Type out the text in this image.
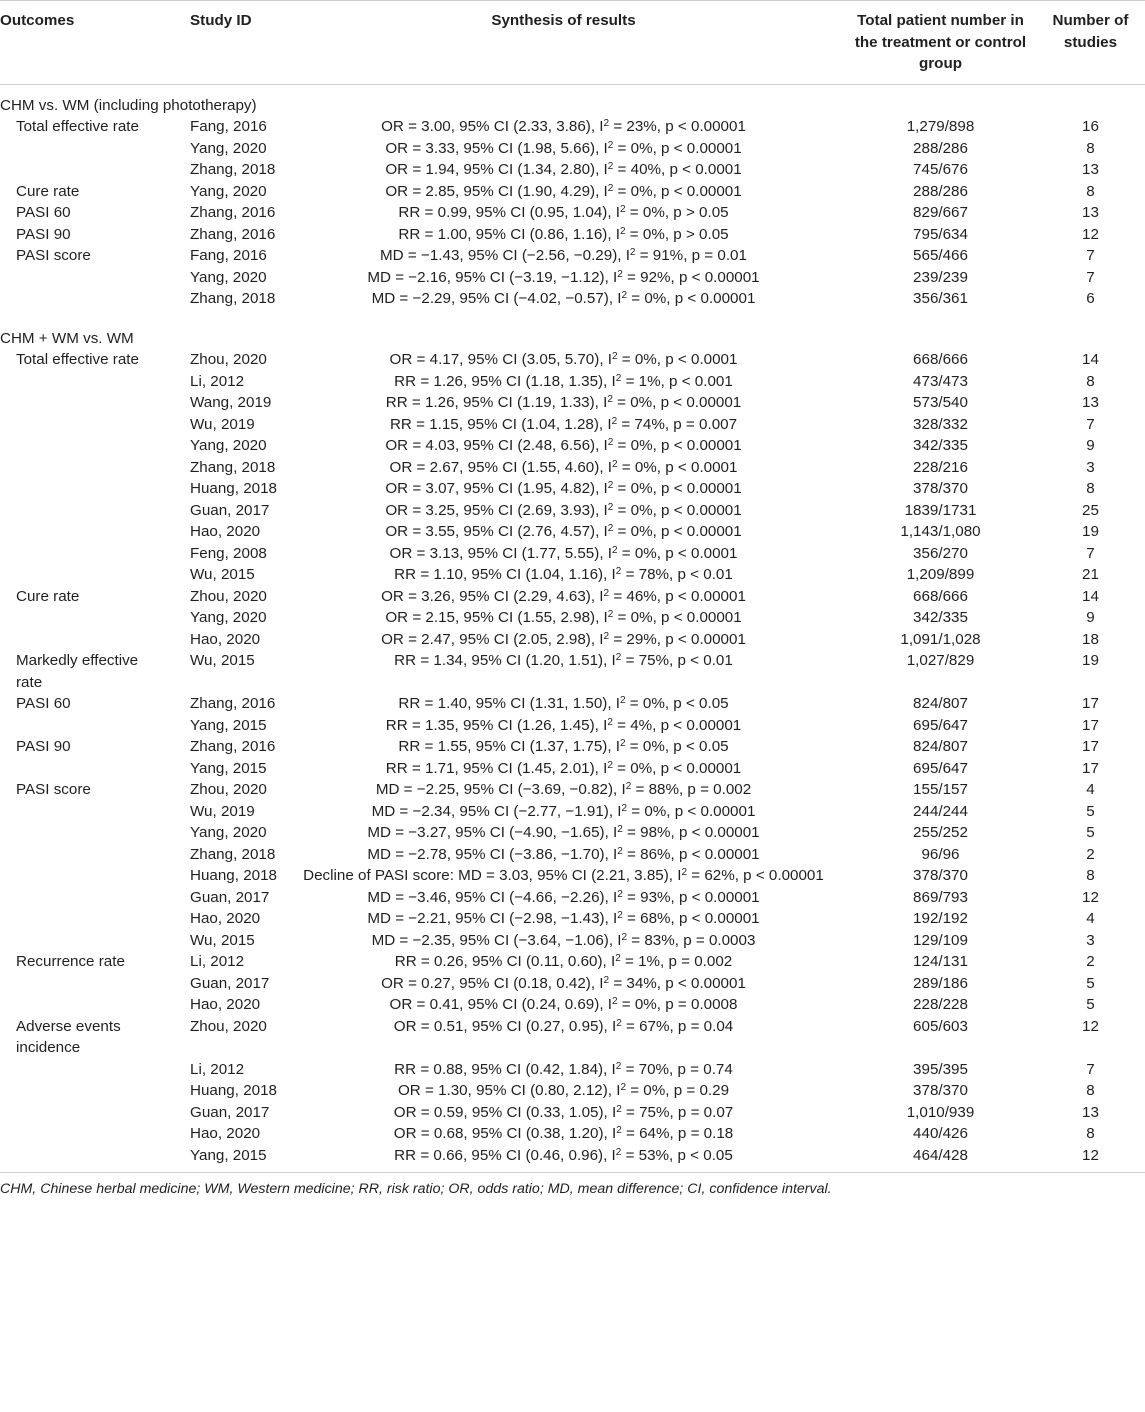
Outcomes	Study ID	Synthesis of results	Total patient number in the treatment or control group	Number of studies

CHM vs. WM (including phototherapy)				
Total effective rate	Fang, 2016	OR = 3.00, 95% CI (2.33, 3.86), $I^2 = 23\%$, p < 0.00001	1,279/898	16
	Yang, 2020	OR = 3.33, 95% CI (1.98, 5.66), $I^2 = 0\%$, p < 0.00001	288/286	8
	Zhang, 2018	OR = 1.94, 95% CI (1.34, 2.80), $I^2 = 40\%$, p < 0.0001	745/676	13
Cure rate	Yang, 2020	OR = 2.85, 95% CI (1.90, 4.29), $I^2 = 0\%$, p < 0.00001	288/286	8
PASI 60	Zhang, 2016	RR = 0.99, 95% CI (0.95, 1.04), $I^2 = 0\%$, p > 0.05	829/667	13
PASI 90	Zhang, 2016	RR = 1.00, 95% CI (0.86, 1.16), $I^2 = 0\%$, p > 0.05	795/634	12
PASI score	Fang, 2016	MD = −1.43, 95% CI (−2.56, −0.29), $I^2 = 91\%$, p = 0.01	565/466	7
	Yang, 2020	MD = −2.16, 95% CI (−3.19, −1.12), $I^2 = 92\%$, p < 0.00001	239/239	7
	Zhang, 2018	MD = −2.29, 95% CI (−4.02, −0.57), $I^2 = 0\%$, p < 0.00001	356/361	6

CHM + WM vs. WM				
Total effective rate	Zhou, 2020	OR = 4.17, 95% CI (3.05, 5.70), $I^2 = 0\%$, p < 0.0001	668/666	14
	Li, 2012	RR = 1.26, 95% CI (1.18, 1.35), $I^2 = 1\%$, p < 0.001	473/473	8
	Wang, 2019	RR = 1.26, 95% CI (1.19, 1.33), $I^2 = 0\%$, p < 0.00001	573/540	13
	Wu, 2019	RR = 1.15, 95% CI (1.04, 1.28), $I^2 = 74\%$, p = 0.007	328/332	7
	Yang, 2020	OR = 4.03, 95% CI (2.48, 6.56), $I^2 = 0\%$, p < 0.00001	342/335	9
	Zhang, 2018	OR = 2.67, 95% CI (1.55, 4.60), $I^2 = 0\%$, p < 0.0001	228/216	3
	Huang, 2018	OR = 3.07, 95% CI (1.95, 4.82), $I^2 = 0\%$, p < 0.00001	378/370	8
	Guan, 2017	OR = 3.25, 95% CI (2.69, 3.93), $I^2 = 0\%$, p < 0.00001	1839/1731	25
	Hao, 2020	OR = 3.55, 95% CI (2.76, 4.57), $I^2 = 0\%$, p < 0.00001	1,143/1,080	19
	Feng, 2008	OR = 3.13, 95% CI (1.77, 5.55), $I^2 = 0\%$, p < 0.0001	356/270	7
	Wu, 2015	RR = 1.10, 95% CI (1.04, 1.16), $I^2 = 78\%$, p < 0.01	1,209/899	21
Cure rate	Zhou, 2020	OR = 3.26, 95% CI (2.29, 4.63), $I^2 = 46\%$, p < 0.00001	668/666	14
	Yang, 2020	OR = 2.15, 95% CI (1.55, 2.98), $I^2 = 0\%$, p < 0.00001	342/335	9
	Hao, 2020	OR = 2.47, 95% CI (2.05, 2.98), $I^2 = 29\%$, p < 0.00001	1,091/1,028	18
Markedly effective rate	Wu, 2015	RR = 1.34, 95% CI (1.20, 1.51), $I^2 = 75\%$, p < 0.01	1,027/829	19
PASI 60	Zhang, 2016	RR = 1.40, 95% CI (1.31, 1.50), $I^2 = 0\%$, p < 0.05	824/807	17
	Yang, 2015	RR = 1.35, 95% CI (1.26, 1.45), $I^2 = 4\%$, p < 0.00001	695/647	17
PASI 90	Zhang, 2016	RR = 1.55, 95% CI (1.37, 1.75), $I^2 = 0\%$, p < 0.05	824/807	17
	Yang, 2015	RR = 1.71, 95% CI (1.45, 2.01), $I^2 = 0\%$, p < 0.00001	695/647	17
PASI score	Zhou, 2020	MD = −2.25, 95% CI (−3.69, −0.82), $I^2 = 88\%$, p = 0.002	155/157	4
	Wu, 2019	MD = −2.34, 95% CI (−2.77, −1.91), $I^2 = 0\%$, p < 0.00001	244/244	5
	Yang, 2020	MD = −3.27, 95% CI (−4.90, −1.65), $I^2 = 98\%$, p < 0.00001	255/252	5
	Zhang, 2018	MD = −2.78, 95% CI (−3.86, −1.70), $I^2 = 86\%$, p < 0.00001	96/96	2
	Huang, 2018	Decline of PASI score: MD = 3.03, 95% CI (2.21, 3.85), $I^2 = 62\%$, p < 0.00001	378/370	8
	Guan, 2017	MD = −3.46, 95% CI (−4.66, −2.26), $I^2 = 93\%$, p < 0.00001	869/793	12
	Hao, 2020	MD = −2.21, 95% CI (−2.98, −1.43), $I^2 = 68\%$, p < 0.00001	192/192	4
	Wu, 2015	MD = −2.35, 95% CI (−3.64, −1.06), $I^2 = 83\%$, p = 0.0003	129/109	3
Recurrence rate	Li, 2012	RR = 0.26, 95% CI (0.11, 0.60), $I^2 = 1\%$, p = 0.002	124/131	2
	Guan, 2017	OR = 0.27, 95% CI (0.18, 0.42), $I^2 = 34\%$, p < 0.00001	289/186	5
	Hao, 2020	OR = 0.41, 95% CI (0.24, 0.69), $I^2 = 0\%$, p = 0.0008	228/228	5
Adverse events incidence	Zhou, 2020	OR = 0.51, 95% CI (0.27, 0.95), $I^2 = 67\%$, p = 0.04	605/603	12
	Li, 2012	RR = 0.88, 95% CI (0.42, 1.84), $I^2 = 70\%$, p = 0.74	395/395	7
	Huang, 2018	OR = 1.30, 95% CI (0.80, 2.12), $I^2 = 0\%$, p = 0.29	378/370	8
	Guan, 2017	OR = 0.59, 95% CI (0.33, 1.05), $I^2 = 75\%$, p = 0.07	1,010/939	13
	Hao, 2020	OR = 0.68, 95% CI (0.38, 1.20), $I^2 = 64\%$, p = 0.18	440/426	8
	Yang, 2015	RR = 0.66, 95% CI (0.46, 0.96), $I^2 = 53\%$, p < 0.05	464/428	12
CHM, Chinese herbal medicine; WM, Western medicine; RR, risk ratio; OR, odds ratio; MD, mean difference; CI, confidence interval.				
